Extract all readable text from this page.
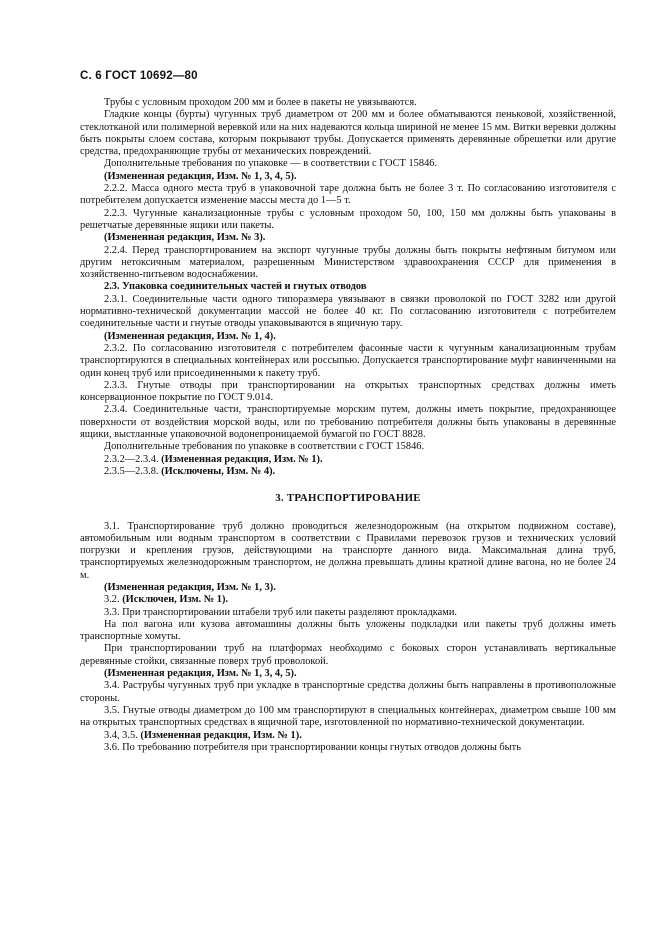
С. 6 ГОСТ 10692—80

Трубы с условным проходом 200 мм и более в пакеты не увязываются.

Гладкие концы (бурты) чугунных труб диаметром от 200 мм и более обматываются пеньковой, хозяйственной, стеклотканой или полимерной веревкой или на них надеваются кольца шириной не менее 15 мм. Витки веревки должны быть покрыты слоем состава, которым покрывают трубы. Допускается применять деревянные обрешетки или другие средства, предохраняющие трубы от механических повреждений.

Дополнительные требования по упаковке — в соответствии с ГОСТ 15846.

(Измененная редакция, Изм. № 1, 3, 4, 5).

2.2.2. Масса одного места труб в упаковочной таре должна быть не более 3 т. По согласованию изготовителя с потребителем допускается изменение массы места до 1—5 т.

2.2.3. Чугунные канализационные трубы с условным проходом 50, 100, 150 мм должны быть упакованы в решетчатые деревянные ящики или пакеты.

(Измененная редакция, Изм. № 3).

2.2.4. Перед транспортированием на экспорт чугунные трубы должны быть покрыты нефтяным битумом или другим нетоксичным материалом, разрешенным Министерством здравоохранения СССР для применения в хозяйственно-питьевом водоснабжении.

2.3. Упаковка соединительных частей и гнутых отводов

2.3.1. Соединительные части одного типоразмера увязывают в связки проволокой по ГОСТ 3282 или другой нормативно-технической документации массой не более 40 кг. По согласованию изготовителя с потребителем соединительные части и гнутые отводы упаковываются в ящичную тару.

(Измененная редакция, Изм. № 1, 4).

2.3.2. По согласованию изготовителя с потребителем фасонные части к чугунным канализационным трубам транспортируются в специальных контейнерах или россыпью. Допускается транспортирование муфт навинченными на один конец труб или присоединенными к пакету труб.

2.3.3. Гнутые отводы при транспортировании на открытых транспортных средствах должны иметь консервационное покрытие по ГОСТ 9.014.

2.3.4. Соединительные части, транспортируемые морским путем, должны иметь покрытие, предохраняющее поверхности от воздействия морской воды, или по требованию потребителя должны быть упакованы в деревянные ящики, выстланные упаковочной водонепроницаемой бумагой по ГОСТ 8828.

Дополнительные требования по упаковке в соответствии с ГОСТ 15846.

2.3.2—2.3.4. (Измененная редакция, Изм. № 1).

2.3.5—2.3.8. (Исключены, Изм. № 4).

3. ТРАНСПОРТИРОВАНИЕ

3.1. Транспортирование труб должно проводиться железнодорожным (на открытом подвижном составе), автомобильным или водным транспортом в соответствии с Правилами перевозок грузов и технических условий погрузки и крепления грузов, действующими на транспорте данного вида. Максимальная длина труб, транспортируемых железнодорожным транспортом, не должна превышать длины кратной длине вагона, но не более 24 м.

(Измененная редакция, Изм. № 1, 3).

3.2. (Исключен, Изм. № 1).

3.3. При транспортировании штабели труб или пакеты разделяют прокладками.

На пол вагона или кузова автомашины должны быть уложены подкладки или пакеты труб должны иметь транспортные хомуты.

При транспортировании труб на платформах необходимо с боковых сторон устанавливать вертикальные деревянные стойки, связанные поверх труб проволокой.

(Измененная редакция, Изм. № 1, 3, 4, 5).

3.4. Раструбы чугунных труб при укладке в транспортные средства должны быть направлены в противоположные стороны.

3.5. Гнутые отводы диаметром до 100 мм транспортируют в специальных контейнерах, диаметром свыше 100 мм на открытых транспортных средствах в ящичной таре, изготовленной по нормативно-технической документации.

3.4, 3.5. (Измененная редакция, Изм. № 1).

3.6. По требованию потребителя при транспортировании концы гнутых отводов должны быть
